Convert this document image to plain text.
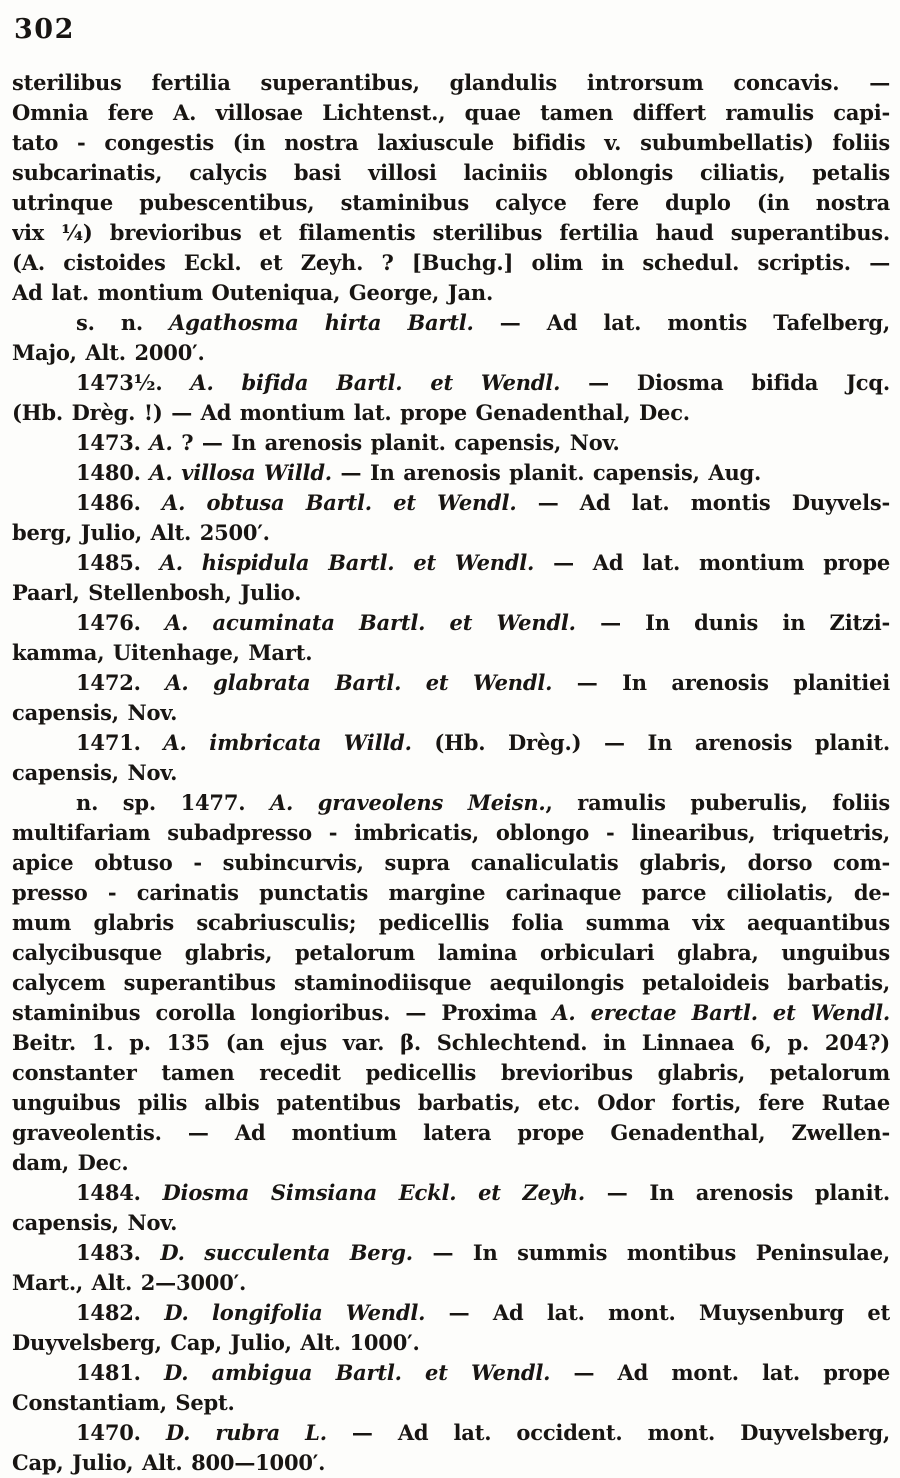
302
sterilibus fertilia superantibus, glandulis introrsum concavis. —
Omnia fere A. villosae Lichtenst., quae tamen differt ramulis capi-
tato - congestis (in nostra laxiuscule bifidis v. subumbellatis) foliis
subcarinatis, calycis basi villosi laciniis oblongis ciliatis, petalis
utrinque pubescentibus, staminibus calyce fere duplo (in nostra
vix ¼) brevioribus et filamentis sterilibus fertilia haud superantibus.
(A. cistoides Eckl. et Zeyh. ? [Buchg.] olim in schedul. scriptis. —
Ad lat. montium Outeniqua, George, Jan.
s. n. Agathosma hirta Bartl. — Ad lat. montis Tafelberg,
Majo, Alt. 2000′.
1473½. A. bifida Bartl. et Wendl. — Diosma bifida Jcq.
(Hb. Drèg. !) — Ad montium lat. prope Genadenthal, Dec.
1473. A. ? — In arenosis planit. capensis, Nov.
1480. A. villosa Willd. — In arenosis planit. capensis, Aug.
1486. A. obtusa Bartl. et Wendl. — Ad lat. montis Duyvels-
berg, Julio, Alt. 2500′.
1485. A. hispidula Bartl. et Wendl. — Ad lat. montium prope
Paarl, Stellenbosh, Julio.
1476. A. acuminata Bartl. et Wendl. — In dunis in Zitzi-
kamma, Uitenhage, Mart.
1472. A. glabrata Bartl. et Wendl. — In arenosis planitiei
capensis, Nov.
1471. A. imbricata Willd. (Hb. Drèg.) — In arenosis planit.
capensis, Nov.
n. sp. 1477. A. graveolens Meisn., ramulis puberulis, foliis
multifariam subadpresso - imbricatis, oblongo - linearibus, triquetris,
apice obtuso - subincurvis, supra canaliculatis glabris, dorso com-
presso - carinatis punctatis margine carinaque parce ciliolatis, de-
mum glabris scabriusculis; pedicellis folia summa vix aequantibus
calycibusque glabris, petalorum lamina orbiculari glabra, unguibus
calycem superantibus staminodiisque aequilongis petaloideis barbatis,
staminibus corolla longioribus. — Proxima A. erectae Bartl. et Wendl.
Beitr. 1. p. 135 (an ejus var. β. Schlechtend. in Linnaea 6, p. 204?)
constanter tamen recedit pedicellis brevioribus glabris, petalorum
unguibus pilis albis patentibus barbatis, etc. Odor fortis, fere Rutae
graveolentis. — Ad montium latera prope Genadenthal, Zwellen-
dam, Dec.
1484. Diosma Simsiana Eckl. et Zeyh. — In arenosis planit.
capensis, Nov.
1483. D. succulenta Berg. — In summis montibus Peninsulae,
Mart., Alt. 2—3000′.
1482. D. longifolia Wendl. — Ad lat. mont. Muysenburg et
Duyvelsberg, Cap, Julio, Alt. 1000′.
1481. D. ambigua Bartl. et Wendl. — Ad mont. lat. prope
Constantiam, Sept.
1470. D. rubra L. — Ad lat. occident. mont. Duyvelsberg,
Cap, Julio, Alt. 800—1000′.
